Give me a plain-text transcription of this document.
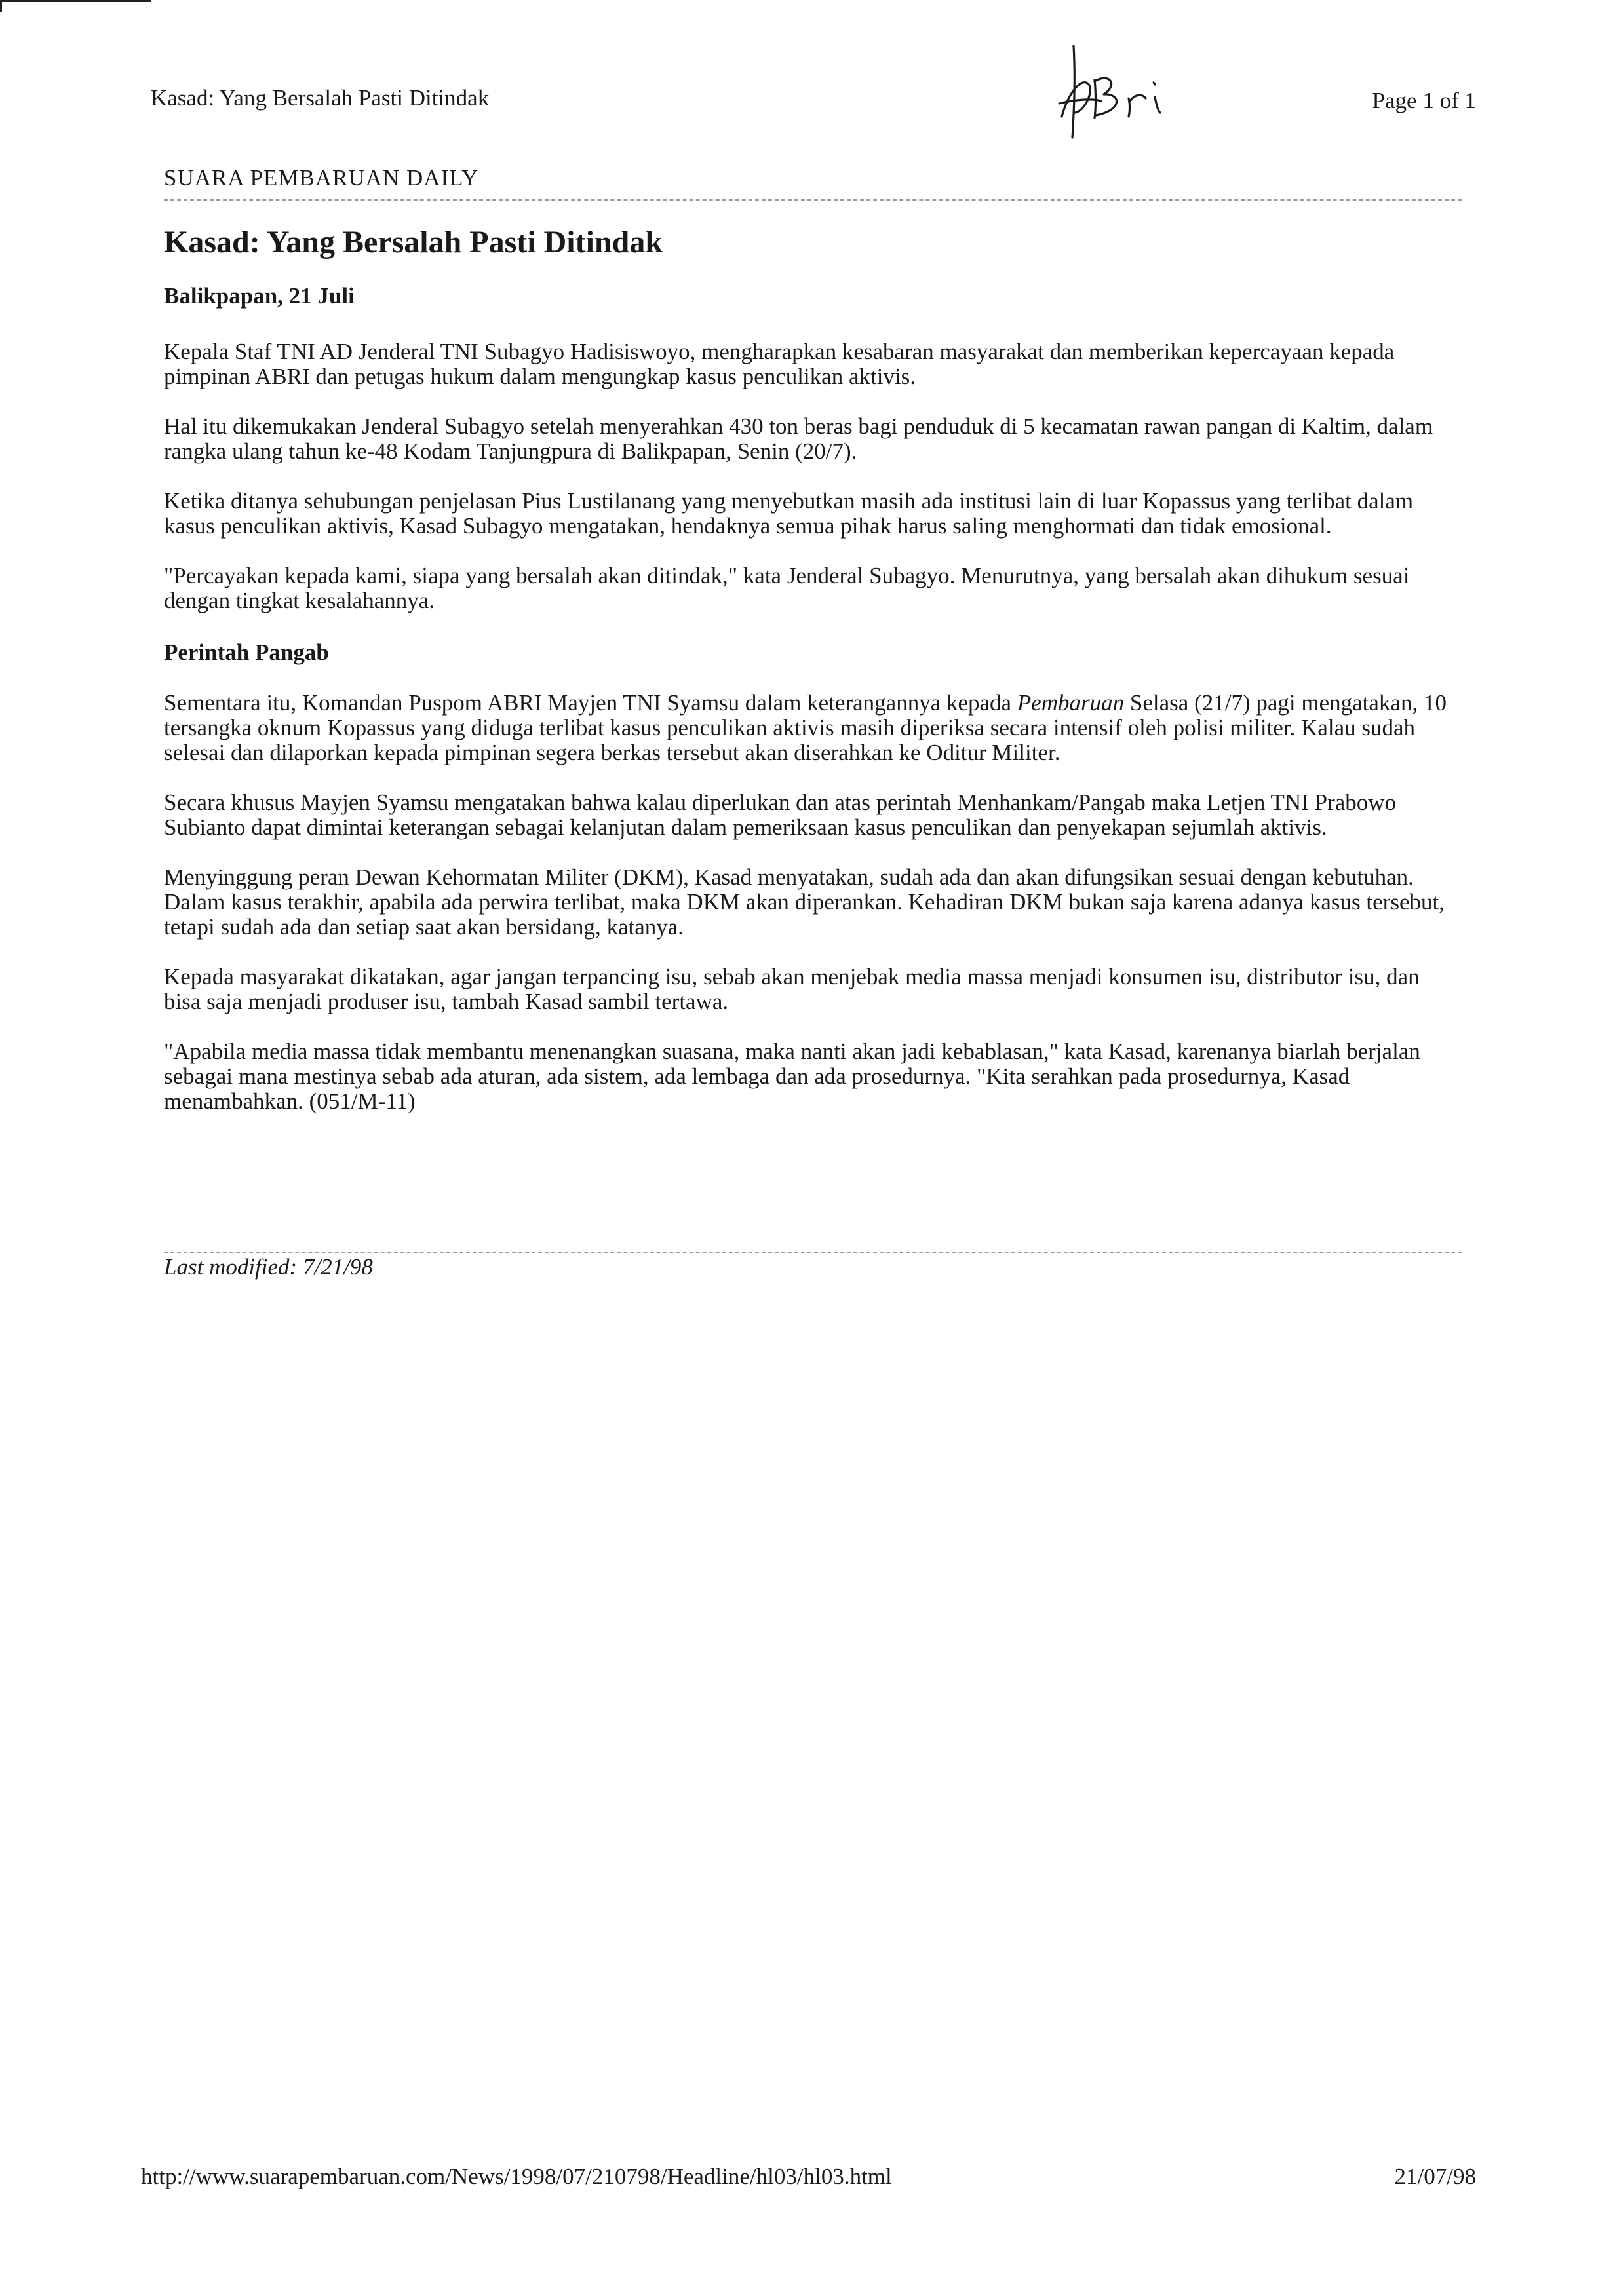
Kasad: Yang Bersalah Pasti Ditindak	Page 1 of 1
SUARA PEMBARUAN DAILY
Kasad: Yang Bersalah Pasti Ditindak
Balikpapan, 21 Juli

Kepala Staf TNI AD Jenderal TNI Subagyo Hadisiswoyo, mengharapkan kesabaran masyarakat dan memberikan kepercayaan kepada pimpinan ABRI dan petugas hukum dalam mengungkap kasus penculikan aktivis.

Hal itu dikemukakan Jenderal Subagyo setelah menyerahkan 430 ton beras bagi penduduk di 5 kecamatan rawan pangan di Kaltim, dalam rangka ulang tahun ke-48 Kodam Tanjungpura di Balikpapan, Senin (20/7).

Ketika ditanya sehubungan penjelasan Pius Lustilanang yang menyebutkan masih ada institusi lain di luar Kopassus yang terlibat dalam kasus penculikan aktivis, Kasad Subagyo mengatakan, hendaknya semua pihak harus saling menghormati dan tidak emosional.

"Percayakan kepada kami, siapa yang bersalah akan ditindak," kata Jenderal Subagyo. Menurutnya, yang bersalah akan dihukum sesuai dengan tingkat kesalahannya.

Perintah Pangab

Sementara itu, Komandan Puspom ABRI Mayjen TNI Syamsu dalam keterangannya kepada Pembaruan Selasa (21/7) pagi mengatakan, 10 tersangka oknum Kopassus yang diduga terlibat kasus penculikan aktivis masih diperiksa secara intensif oleh polisi militer. Kalau sudah selesai dan dilaporkan kepada pimpinan segera berkas tersebut akan diserahkan ke Oditur Militer.

Secara khusus Mayjen Syamsu mengatakan bahwa kalau diperlukan dan atas perintah Menhankam/Pangab maka Letjen TNI Prabowo Subianto dapat dimintai keterangan sebagai kelanjutan dalam pemeriksaan kasus penculikan dan penyekapan sejumlah aktivis.

Menyinggung peran Dewan Kehormatan Militer (DKM), Kasad menyatakan, sudah ada dan akan difungsikan sesuai dengan kebutuhan. Dalam kasus terakhir, apabila ada perwira terlibat, maka DKM akan diperankan. Kehadiran DKM bukan saja karena adanya kasus tersebut, tetapi sudah ada dan setiap saat akan bersidang, katanya.

Kepada masyarakat dikatakan, agar jangan terpancing isu, sebab akan menjebak media massa menjadi konsumen isu, distributor isu, dan bisa saja menjadi produser isu, tambah Kasad sambil tertawa.

"Apabila media massa tidak membantu menenangkan suasana, maka nanti akan jadi kebablasan," kata Kasad, karenanya biarlah berjalan sebagai mana mestinya sebab ada aturan, ada sistem, ada lembaga dan ada prosedurnya. "Kita serahkan pada prosedurnya, Kasad menambahkan. (051/M-11)

Last modified: 7/21/98
http://www.suarapembaruan.com/News/1998/07/210798/Headline/hl03/hl03.html	21/07/98
